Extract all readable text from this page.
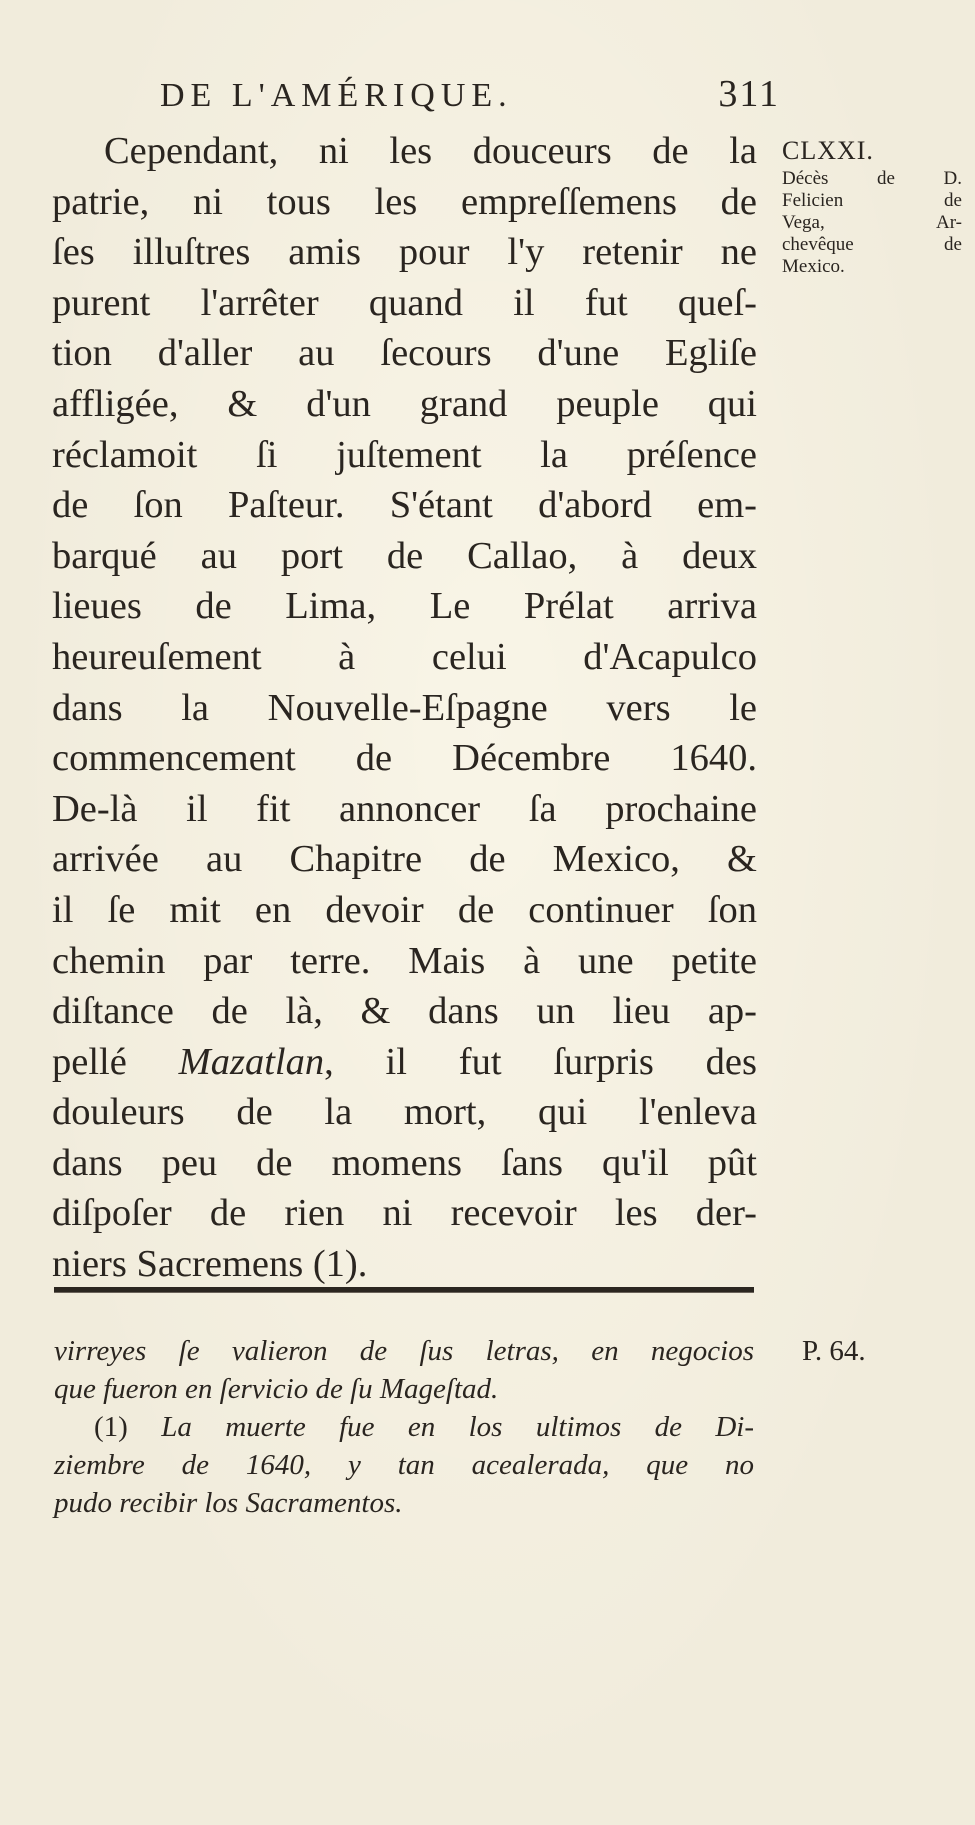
DE L'AMÉRIQUE.	311
Cependant, ni les douceurs de la
patrie, ni tous les empreſſemens de
ſes illuſtres amis pour l'y retenir ne
purent l'arrêter quand il fut queſ-
tion d'aller au ſecours d'une Egliſe
affligée, & d'un grand peuple qui
réclamoit ſi juſtement la préſence
de ſon Paſteur. S'étant d'abord em-
barqué au port de Callao, à deux
lieues de Lima, Le Prélat arriva
heureuſement à celui d'Acapulco
dans la Nouvelle-Eſpagne vers le
commencement de Décembre 1640.
De-là il fit annoncer ſa prochaine
arrivée au Chapitre de Mexico, &
il ſe mit en devoir de continuer ſon
chemin par terre. Mais à une petite
diſtance de là, & dans un lieu ap-
pellé Mazatlan, il fut ſurpris des
douleurs de la mort, qui l'enleva
dans peu de momens ſans qu'il pût
diſpoſer de rien ni recevoir les der-
niers Sacremens (1).
CLXXI.
Décès de D.
Felicien de
Vega, Ar-
chevêque de
Mexico.
virreyes ſe valieron de ſus letras, en negocios
que fueron en ſervicio de ſu Mageſtad.
(1) La muerte fue en los ultimos de Di-
ziembre de 1640, y tan acealerada, que no
pudo recibir los Sacramentos.
P. 64.
